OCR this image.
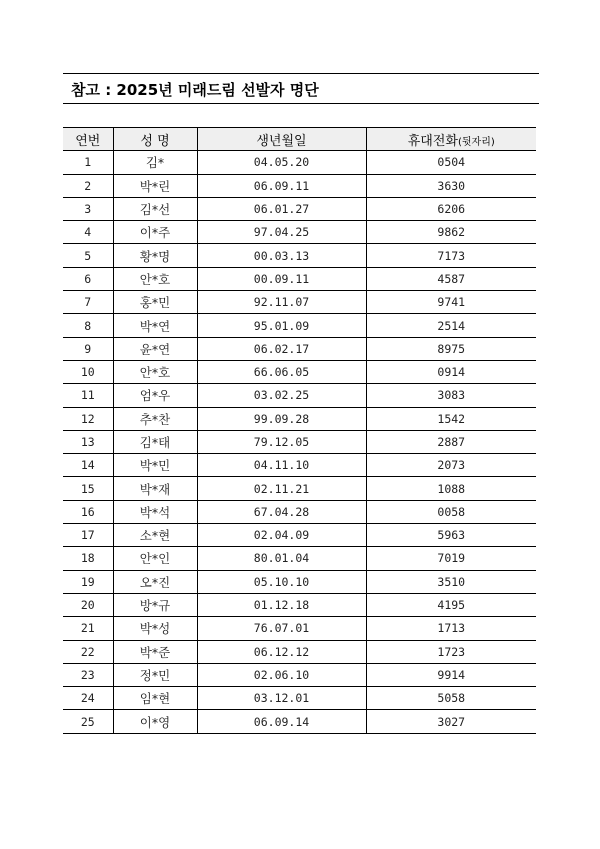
참고 : 2025년 미래드림 선발자 명단
연번	성 명	생년월일	휴대전화(뒷자리)
1	김*	04.05.20	0504
2	박*린	06.09.11	3630
3	김*선	06.01.27	6206
4	이*주	97.04.25	9862
5	황*명	00.03.13	7173
6	안*호	00.09.11	4587
7	홍*민	92.11.07	9741
8	박*연	95.01.09	2514
9	윤*연	06.02.17	8975
10	안*호	66.06.05	0914
11	엄*우	03.02.25	3083
12	추*찬	99.09.28	1542
13	김*태	79.12.05	2887
14	박*민	04.11.10	2073
15	박*재	02.11.21	1088
16	박*석	67.04.28	0058
17	소*현	02.04.09	5963
18	안*인	80.01.04	7019
19	오*진	05.10.10	3510
20	방*규	01.12.18	4195
21	박*성	76.07.01	1713
22	박*준	06.12.12	1723
23	정*민	02.06.10	9914
24	임*현	03.12.01	5058
25	이*영	06.09.14	3027
